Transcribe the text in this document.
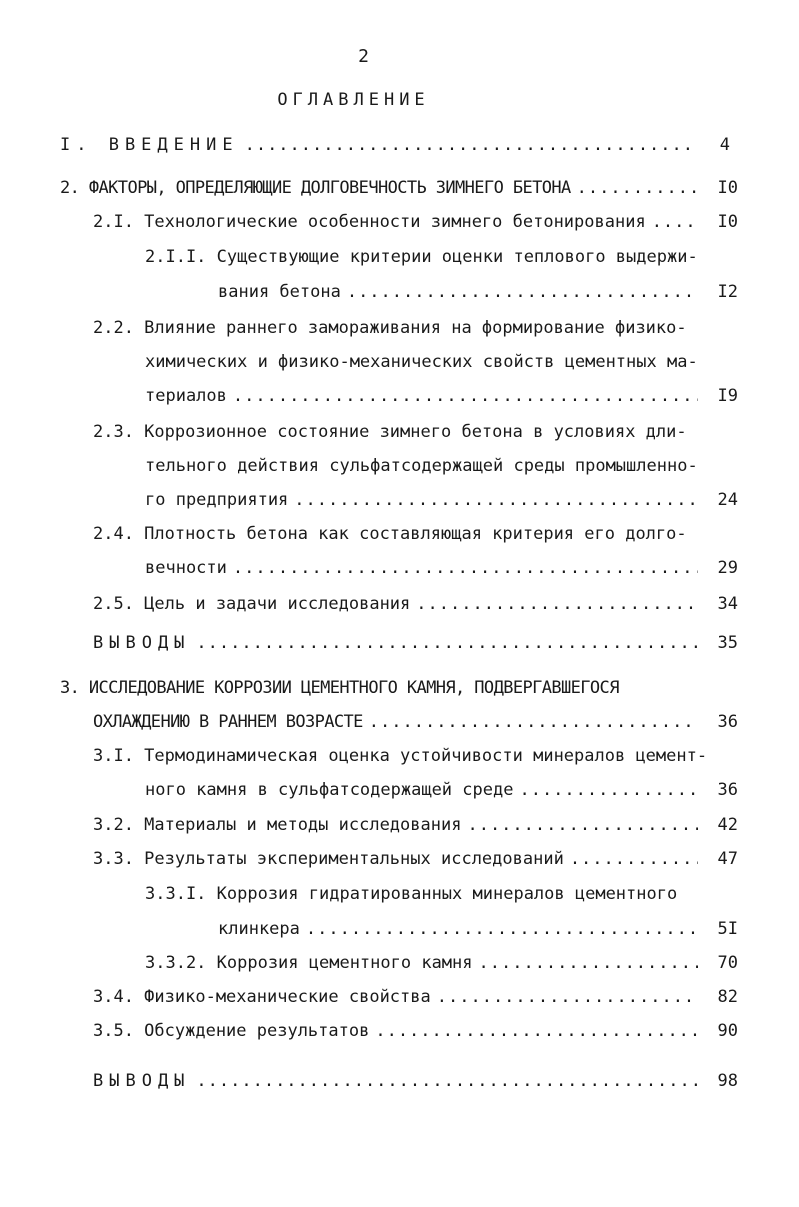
2
ОГЛАВЛЕНИЕ
I. ВВЕДЕНИЕ .....	4
2. ФАКТОРЫ, ОПРЕДЕЛЯЮЩИЕ ДОЛГОВЕЧНОСТЬ ЗИМНЕГО БЕТОНА .....	I0
2.I. Технологические особенности зимнего бетонирования .....	I0
2.I.I. Существующие критерии оценки теплового выдержи-
вания бетона .....	I2
2.2. Влияние раннего замораживания на формирование физико-
химических и физико-механических свойств цементных ма-
териалов .....	I9
2.3. Коррозионное состояние зимнего бетона в условиях дли-
тельного действия сульфатсодержащей среды промышленно-
го предприятия .....	24
2.4. Плотность бетона как составляющая критерия его долго-
вечности .....	29
2.5. Цель и задачи исследования .....	34
ВЫВОДЫ .....	35
3. ИССЛЕДОВАНИЕ КОРРОЗИИ ЦЕМЕНТНОГО КАМНЯ, ПОДВЕРГАВШЕГОСЯ
ОХЛАЖДЕНИЮ В РАННЕМ ВОЗРАСТЕ .....	36
3.I. Термодинамическая оценка устойчивости минералов цемент-
ного камня в сульфатсодержащей среде .....	36
3.2. Материалы и методы исследования .....	42
3.3. Результаты экспериментальных исследований .....	47
3.3.I. Коррозия гидратированных минералов цементного
клинкера .....	5I
3.3.2. Коррозия цементного камня .....	70
3.4. Физико-механические свойства .....	82
3.5. Обсуждение результатов .....	90
ВЫВОДЫ .....	98
